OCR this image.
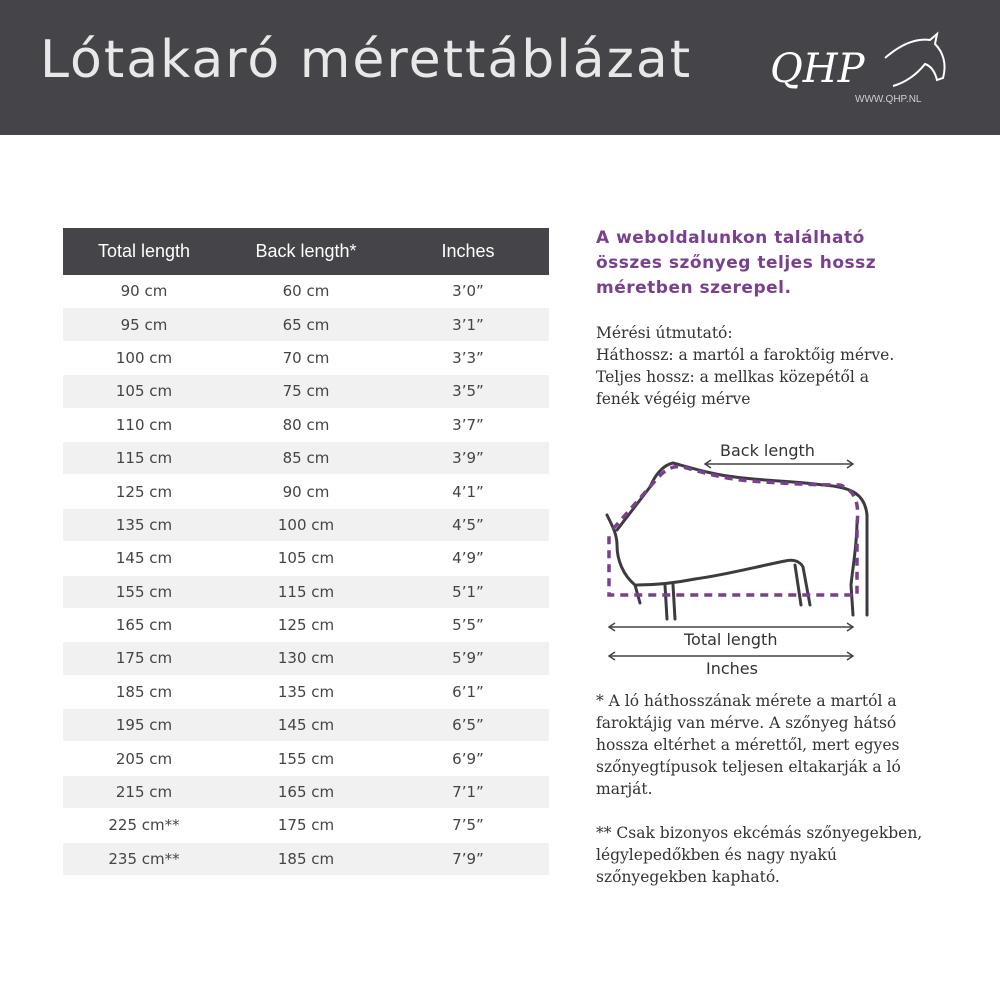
Lótakaró mérettáblázat QHP
WWW.QHP.NL
Total length	Back length*	Inches
90 cm	60 cm	3’0”
95 cm	65 cm	3’1”
100 cm	70 cm	3’3”
105 cm	75 cm	3’5”
110 cm	80 cm	3’7”
115 cm	85 cm	3’9”
125 cm	90 cm	4’1”
135 cm	100 cm	4’5”
145 cm	105 cm	4’9”
155 cm	115 cm	5’1”
165 cm	125 cm	5’5”
175 cm	130 cm	5’9”
185 cm	135 cm	6’1”
195 cm	145 cm	6’5”
205 cm	155 cm	6’9”
215 cm	165 cm	7’1”
225 cm**	175 cm	7’5”
235 cm**	185 cm	7’9”
A weboldalunkon található
összes szőnyeg teljes hossz
méretben szerepel.
Mérési útmutató:
Háthossz: a martól a faroktőig mérve.
Teljes hossz: a mellkas közepétől a
fenék végéig mérve
Back length
Total length
Inches
* A ló háthosszának mérete a martól a
faroktájig van mérve. A szőnyeg hátsó
hossza eltérhet a mérettől, mert egyes
szőnyegtípusok teljesen eltakarják a ló
marját.
** Csak bizonyos ekcémás szőnyegekben,
légylepedőkben és nagy nyakú
szőnyegekben kapható.
